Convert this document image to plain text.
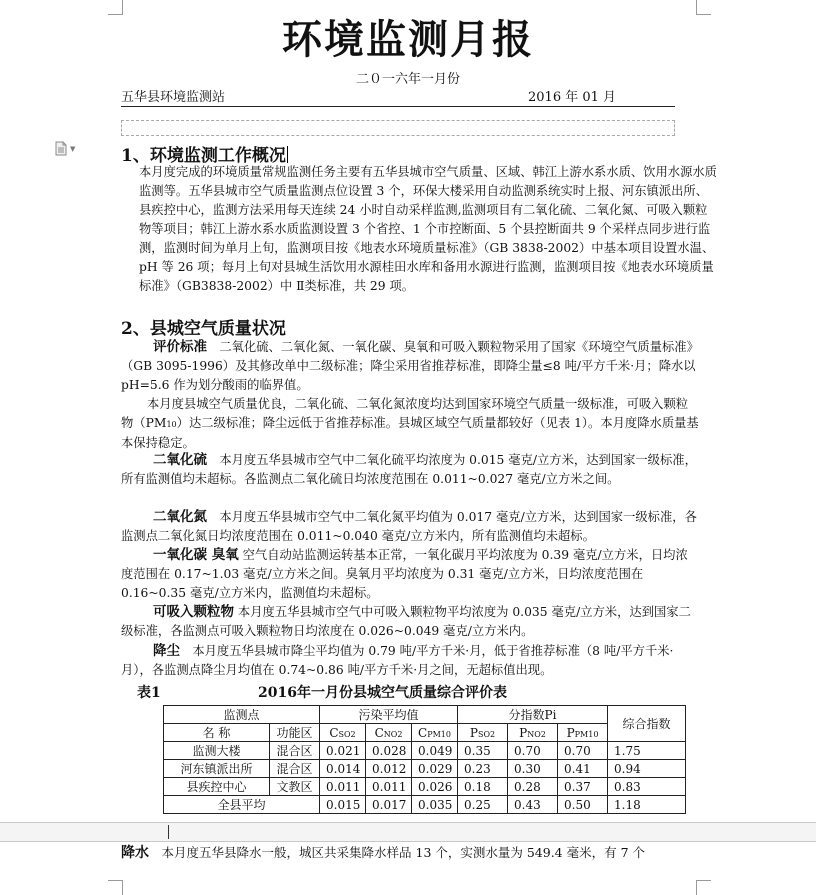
▼
环境监测月报
二０一六年一月份
五华县环境监测站	2016 年 01 月
1、环境监测工作概况
本月度完成的环境质量常规监测任务主要有五华县城市空气质量、区域、韩江上游水系水质、饮用水源水质监测等。五华县城市空气质量监测点位设置 3 个，环保大楼采用自动监测系统实时上报、河东镇派出所、县疾控中心，监测方法采用每天连续 24 小时自动采样监测,监测项目有二氧化硫、二氧化氮、可吸入颗粒物等项目；韩江上游水系水质监测设置 3 个省控、1 个市控断面、5 个县控断面共 9 个采样点同步进行监测，监测时间为单月上旬，监测项目按《地表水环境质量标准》（GB 3838-2002）中基本项目设置水温、pH 等 26 项；每月上旬对县城生活饮用水源桂田水库和备用水源进行监测，监测项目按《地表水环境质量标准》（GB3838-2002）中 Ⅱ类标准，共 29 项。
2、县城空气质量状况
评价标准　 二氧化硫、二氧化氮、一氧化碳、臭氧和可吸入颗粒物采用了国家《环境空气质量标准》（GB 3095-1996）及其修改单中二级标准；降尘采用省推荐标准，即降尘量≤8 吨/平方千米·月；降水以 pH=5.6 作为划分酸雨的临界值。
本月度县城空气质量优良，二氧化硫、二氧化氮浓度均达到国家环境空气质量一级标准，可吸入颗粒物（PM10）达二级标准；降尘远低于省推荐标准。县城区域空气质量都较好（见表 1）。本月度降水质量基本保持稳定。
二氧化硫　 本月度五华县城市空气中二氧化硫平均浓度为 0.015 毫克/立方米，达到国家一级标准，所有监测值均未超标。各监测点二氧化硫日均浓度范围在 0.011~0.027 毫克/立方米之间。
二氧化氮　 本月度五华县城市空气中二氧化氮平均值为 0.017 毫克/立方米，达到国家一级标准，各监测点二氧化氮日均浓度范围在 0.011~0.040 毫克/立方米内，所有监测值均未超标。
一氧化碳 臭氧 空气自动站监测运转基本正常，一氧化碳月平均浓度为 0.39 毫克/立方米，日均浓度范围在 0.17~1.03 毫克/立方米之间。臭氧月平均浓度为 0.31 毫克/立方米，日均浓度范围在 0.16~0.35 毫克/立方米内，监测值均未超标。
可吸入颗粒物 本月度五华县城市空气中可吸入颗粒物平均浓度为 0.035 毫克/立方米，达到国家二级标准，各监测点可吸入颗粒物日均浓度在 0.026~0.049 毫克/立方米内。
降尘　 本月度五华县城市降尘平均值为 0.79 吨/平方千米·月，低于省推荐标准（8 吨/平方千米·月），各监测点降尘月均值在 0.74~0.86 吨/平方千米·月之间，无超标值出现。
表1	2016年一月份县城空气质量综合评价表
监测点		污染平均值			分指数Pi			综合指数
名 称	功能区	CSO2	CNO2	CPM10	PSO2	PNO2	PPM10	
监测大楼	混合区	0.021	0.028	0.049	0.35	0.70	0.70	1.75
河东镇派出所	混合区	0.014	0.012	0.029	0.23	0.30	0.41	0.94
县疾控中心	文教区	0.011	0.011	0.026	0.18	0.28	0.37	0.83
全县平均		0.015	0.017	0.035	0.25	0.43	0.50	1.18
降水　 本月度五华县降水一般，城区共采集降水样品 13 个，实测水量为 549.4 毫米，有 7 个
